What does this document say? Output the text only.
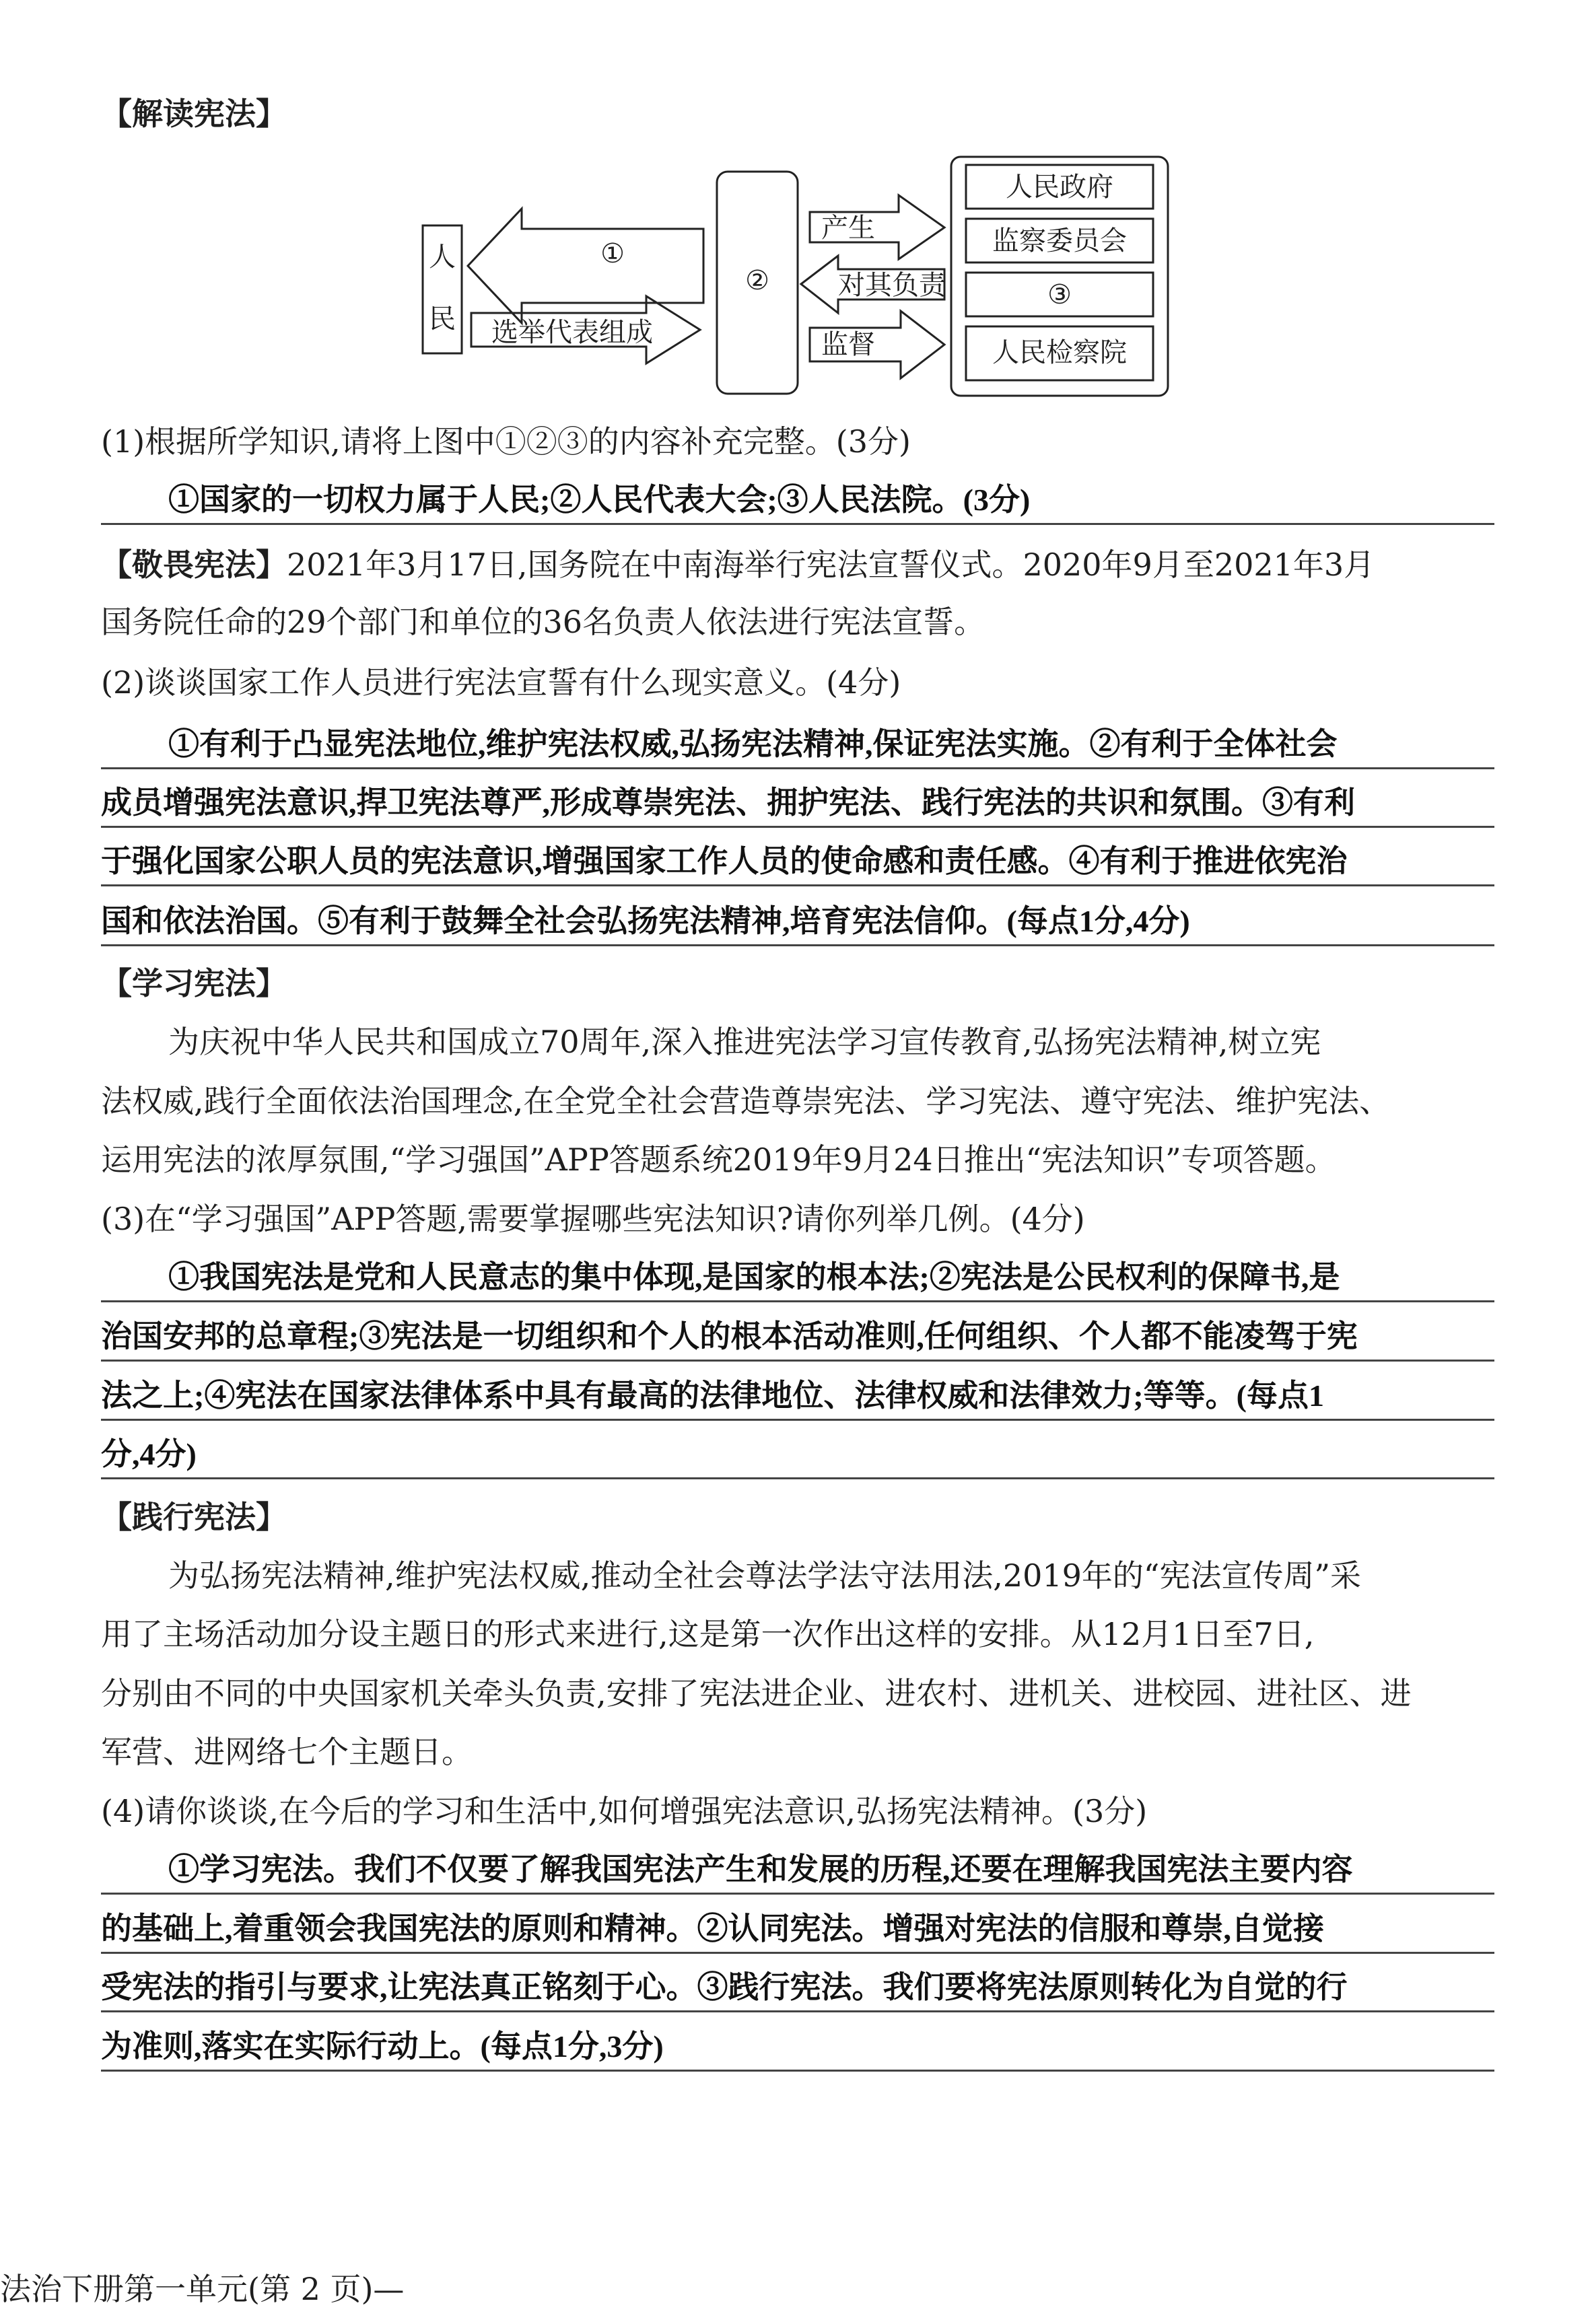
【解读宪法】
人
民
①
选举代表组成
②
产生
对其负责
监督
人民政府
监察委员会
③
人民检察院
(1)根据所学知识,请将上图中①②③的内容补充完整。(3分)
①国家的一切权力属于人民;②人民代表大会;③人民法院。(3分)
【敬畏宪法】2021年3月17日,国务院在中南海举行宪法宣誓仪式。2020年9月至2021年3月
国务院任命的29个部门和单位的36名负责人依法进行宪法宣誓。
(2)谈谈国家工作人员进行宪法宣誓有什么现实意义。(4分)
①有利于凸显宪法地位,维护宪法权威,弘扬宪法精神,保证宪法实施。②有利于全体社会
成员增强宪法意识,捍卫宪法尊严,形成尊崇宪法、拥护宪法、践行宪法的共识和氛围。③有利
于强化国家公职人员的宪法意识,增强国家工作人员的使命感和责任感。④有利于推进依宪治
国和依法治国。⑤有利于鼓舞全社会弘扬宪法精神,培育宪法信仰。(每点1分,4分)
【学习宪法】
为庆祝中华人民共和国成立70周年,深入推进宪法学习宣传教育,弘扬宪法精神,树立宪
法权威,践行全面依法治国理念,在全党全社会营造尊崇宪法、学习宪法、遵守宪法、维护宪法、
运用宪法的浓厚氛围,“学习强国”APP答题系统2019年9月24日推出“宪法知识”专项答题。
(3)在“学习强国”APP答题,需要掌握哪些宪法知识?请你列举几例。(4分)
①我国宪法是党和人民意志的集中体现,是国家的根本法;②宪法是公民权利的保障书,是
治国安邦的总章程;③宪法是一切组织和个人的根本活动准则,任何组织、个人都不能凌驾于宪
法之上;④宪法在国家法律体系中具有最高的法律地位、法律权威和法律效力;等等。(每点1
分,4分)
【践行宪法】
为弘扬宪法精神,维护宪法权威,推动全社会尊法学法守法用法,2019年的“宪法宣传周”采
用了主场活动加分设主题日的形式来进行,这是第一次作出这样的安排。从12月1日至7日,
分别由不同的中央国家机关牵头负责,安排了宪法进企业、进农村、进机关、进校园、进社区、进
军营、进网络七个主题日。
(4)请你谈谈,在今后的学习和生活中,如何增强宪法意识,弘扬宪法精神。(3分)
①学习宪法。我们不仅要了解我国宪法产生和发展的历程,还要在理解我国宪法主要内容
的基础上,着重领会我国宪法的原则和精神。②认同宪法。增强对宪法的信服和尊崇,自觉接
受宪法的指引与要求,让宪法真正铭刻于心。③践行宪法。我们要将宪法原则转化为自觉的行
为准则,落实在实际行动上。(每点1分,3分)
法治下册第一单元(第 2 页)—
